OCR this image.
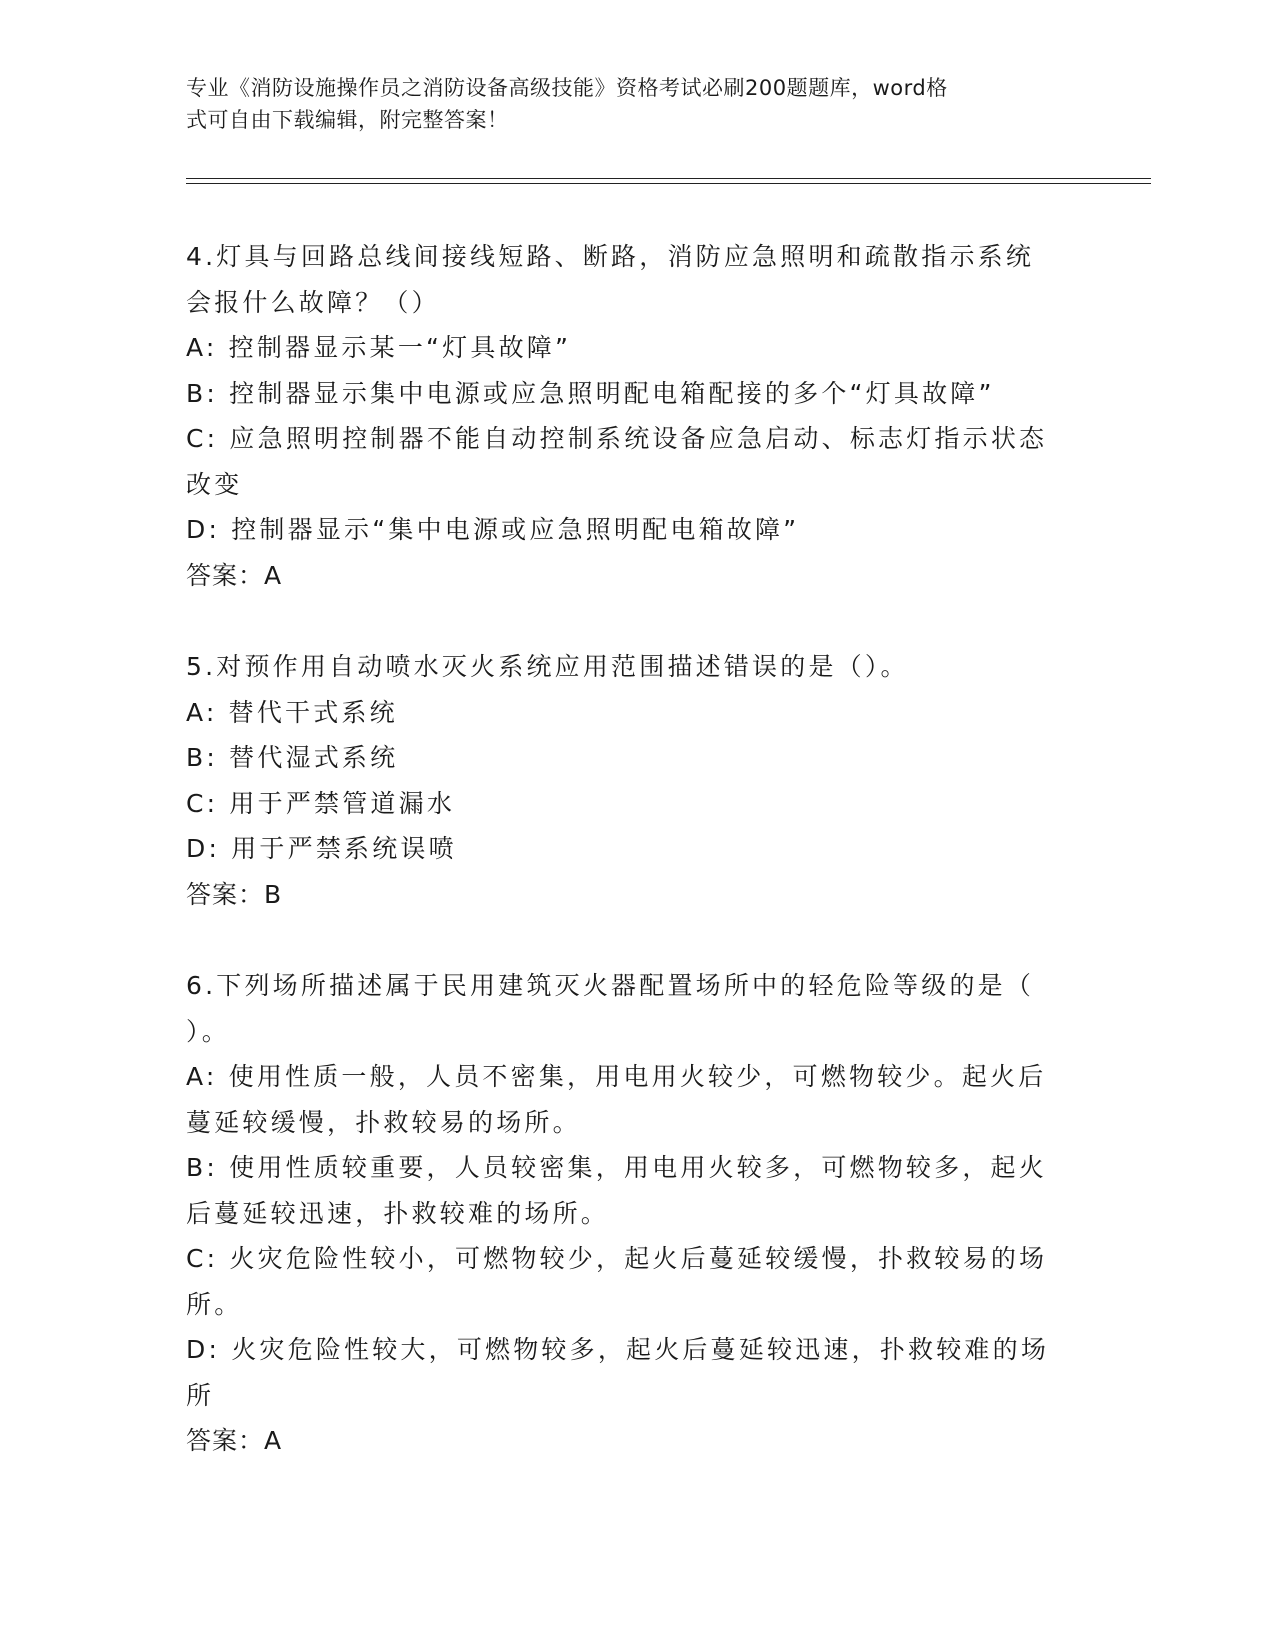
专业《消防设施操作员之消防设备高级技能》资格考试必刷200题题库，word格
式可自由下载编辑，附完整答案！
4.灯具与回路总线间接线短路、断路，消防应急照明和疏散指示系统
会报什么故障？（）
A: 控制器显示某一“灯具故障”
B: 控制器显示集中电源或应急照明配电箱配接的多个“灯具故障”
C: 应急照明控制器不能自动控制系统设备应急启动、标志灯指示状态
改变
D: 控制器显示“集中电源或应急照明配电箱故障”
答案：A
5.对预作用自动喷水灭火系统应用范围描述错误的是（）。
A: 替代干式系统
B: 替代湿式系统
C: 用于严禁管道漏水
D: 用于严禁系统误喷
答案：B
6.下列场所描述属于民用建筑灭火器配置场所中的轻危险等级的是（
）。
A: 使用性质一般，人员不密集，用电用火较少，可燃物较少。起火后
蔓延较缓慢，扑救较易的场所。
B: 使用性质较重要，人员较密集，用电用火较多，可燃物较多，起火
后蔓延较迅速，扑救较难的场所。
C: 火灾危险性较小，可燃物较少，起火后蔓延较缓慢，扑救较易的场
所。
D: 火灾危险性较大，可燃物较多，起火后蔓延较迅速，扑救较难的场
所
答案：A
